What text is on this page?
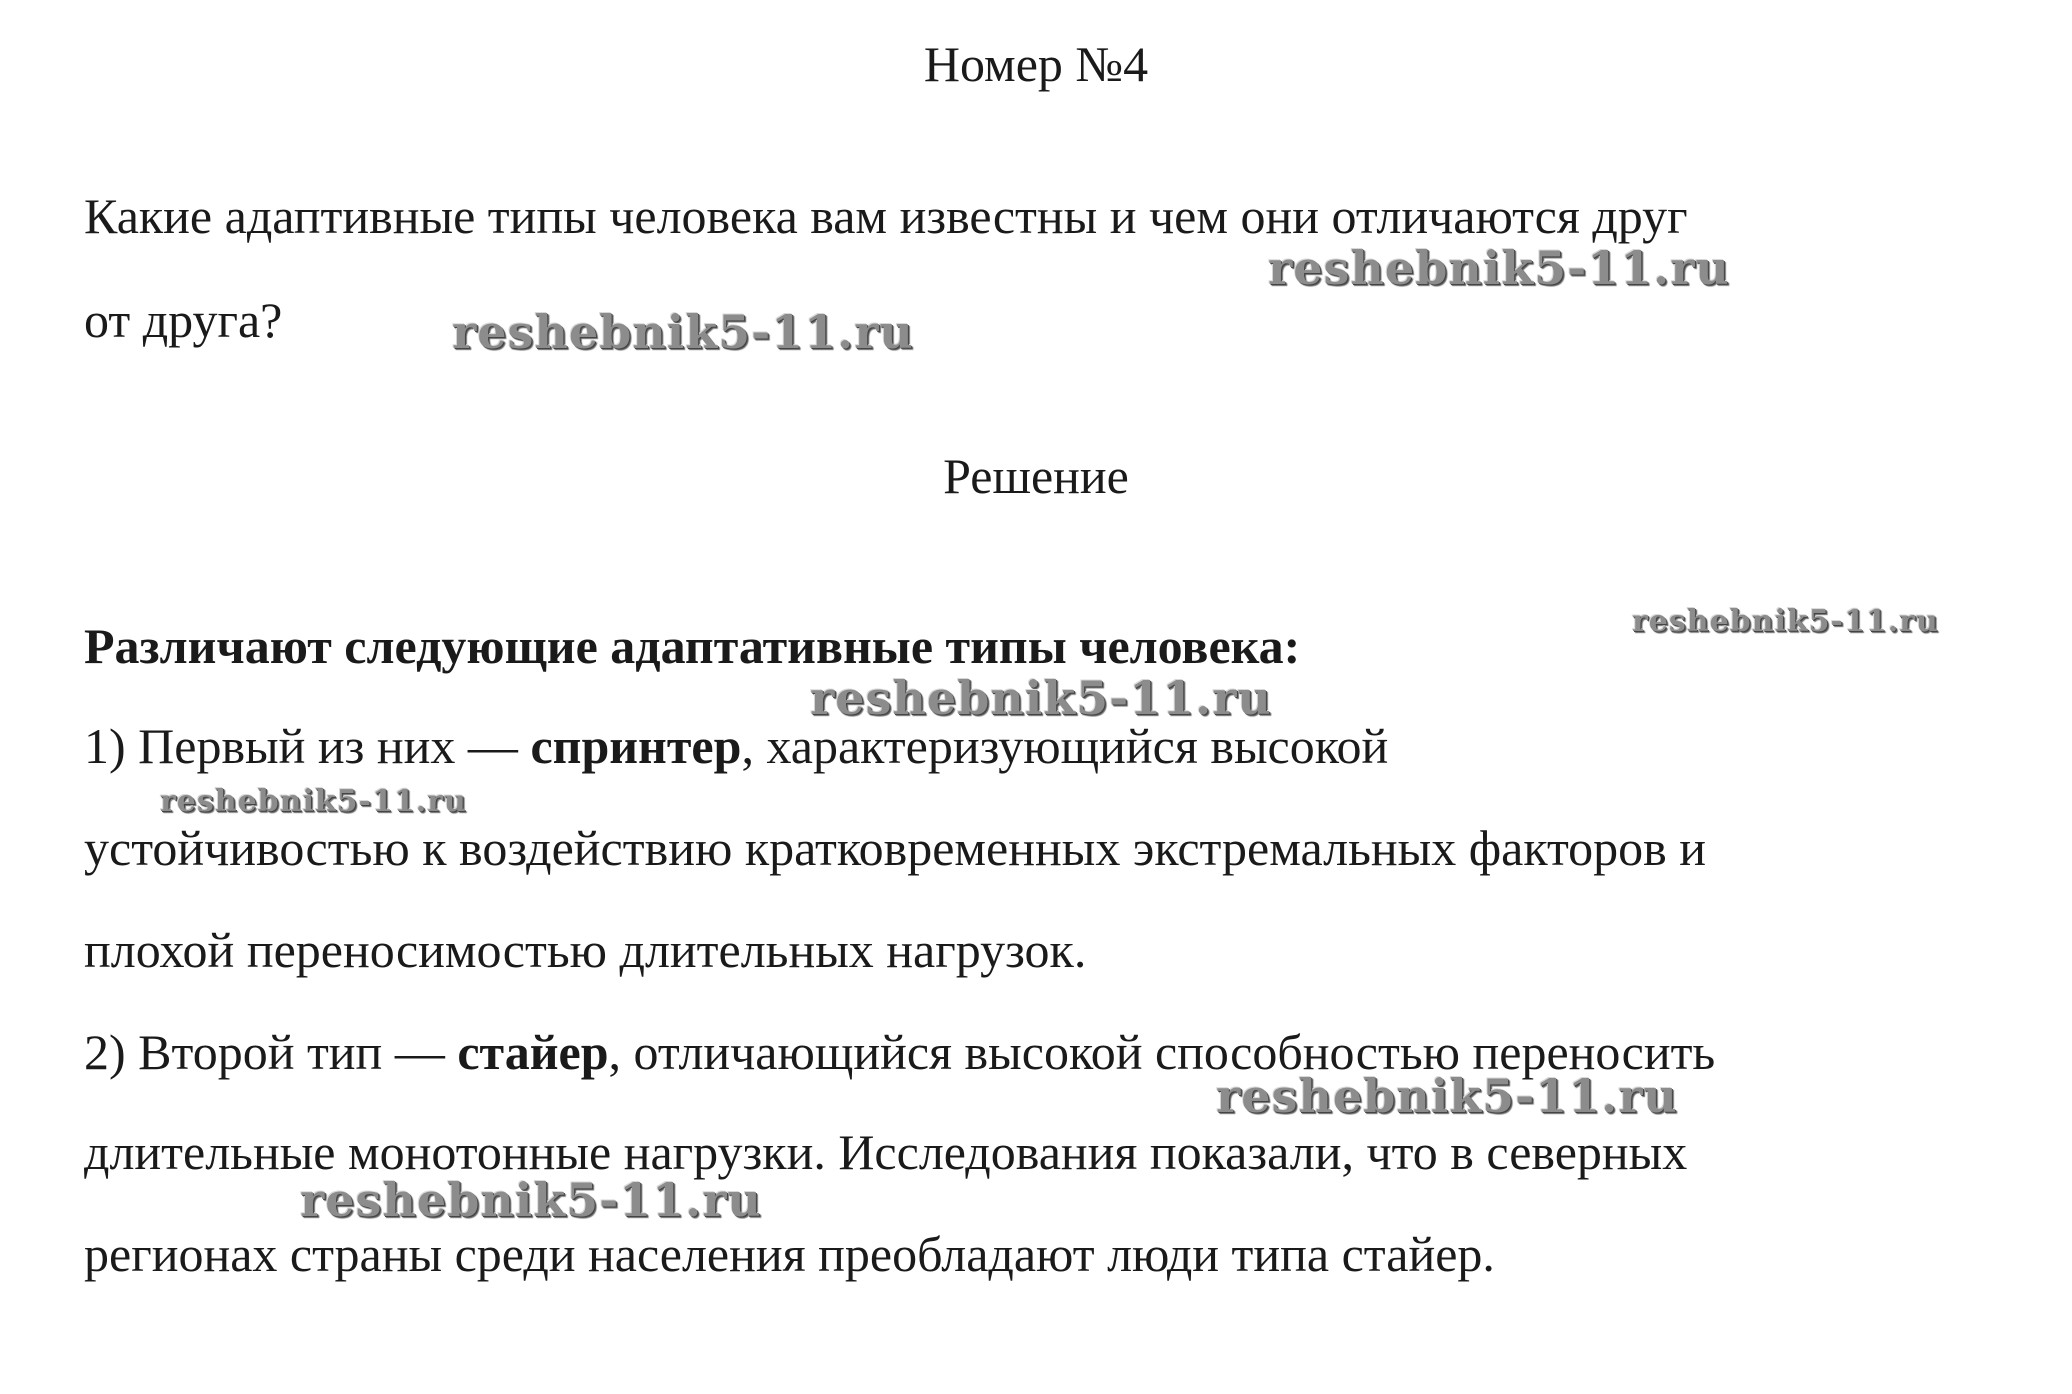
Номер №4
Какие адаптивные типы человека вам известны и чем они отличаются друг
от друга?
Решение
Различают следующие адаптативные типы человека:
1) Первый из них — спринтер, характеризующийся высокой
устойчивостью к воздействию кратковременных экстремальных факторов и
плохой переносимостью длительных нагрузок.
2) Второй тип — стайер, отличающийся высокой способностью переносить
длительные монотонные нагрузки. Исследования показали, что в северных
регионах страны среди населения преобладают люди типа стайер.
reshebnik5-11.ru
reshebnik5-11.ru
reshebnik5-11.ru
reshebnik5-11.ru
reshebnik5-11.ru
reshebnik5-11.ru
reshebnik5-11.ru
